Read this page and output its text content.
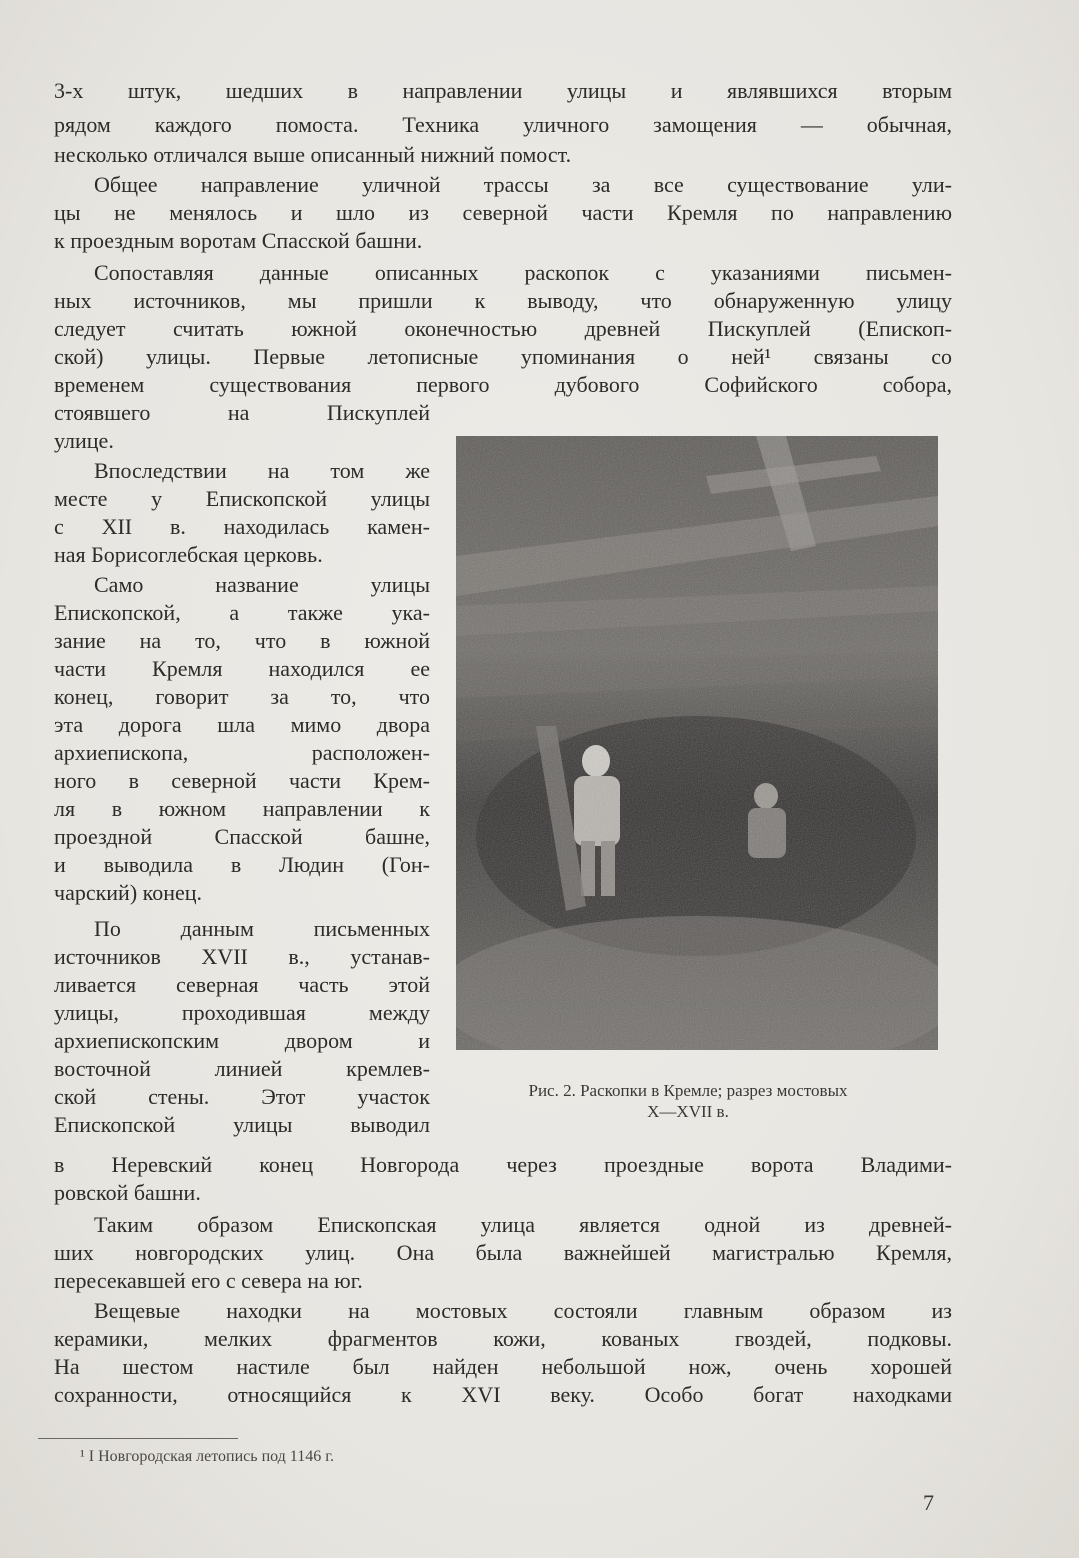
3-х штук, шедших в направлении улицы и являвшихся вторым
рядом каждого помоста. Техника уличного замощения — обычная,
несколько отличался выше описанный нижний помост.
Общее направление уличной трассы за все существование ули-
цы не менялось и шло из северной части Кремля по направлению
к проездным воротам Спасской башни.
Сопоставляя данные описанных раскопок с указаниями письмен-
ных источников, мы пришли к выводу, что обнаруженную улицу
следует считать южной оконечностью древней Пискуплей (Епископ-
ской) улицы. Первые летописные упоминания о ней¹ связаны со
временем существования первого дубового Софийского собора,
стоявшего на Пискуплей
улице.
Впоследствии на том же
месте у Епископской улицы
с XII в. находилась камен-
ная Борисоглебская церковь.
Само название улицы
Епископской, а также ука-
зание на то, что в южной
части Кремля находился ее
конец, говорит за то, что
эта дорога шла мимо двора
архиепископа, расположен-
ного в северной части Крем-
ля в южном направлении к
проездной Спасской башне,
и выводила в Людин (Гон-
чарский) конец.
По данным письменных
источников XVII в., устанав-
ливается северная часть этой
улицы, проходившая между
архиепископским двором и
восточной линией кремлев-
ской стены. Этот участок
Епископской улицы выводил
Рис. 2. Раскопки в Кремле; разрез мостовых
X—XVII в.
в Неревский конец Новгорода через проездные ворота Владими-
ровской башни.
Таким образом Епископская улица является одной из древней-
ших новгородских улиц. Она была важнейшей магистралью Кремля,
пересекавшей его с севера на юг.
Вещевые находки на мостовых состояли главным образом из
керамики, мелких фрагментов кожи, кованых гвоздей, подковы.
На шестом настиле был найден небольшой нож, очень хорошей
сохранности, относящийся к XVI веку. Особо богат находками
¹ I Новгородская летопись под 1146 г.
7
